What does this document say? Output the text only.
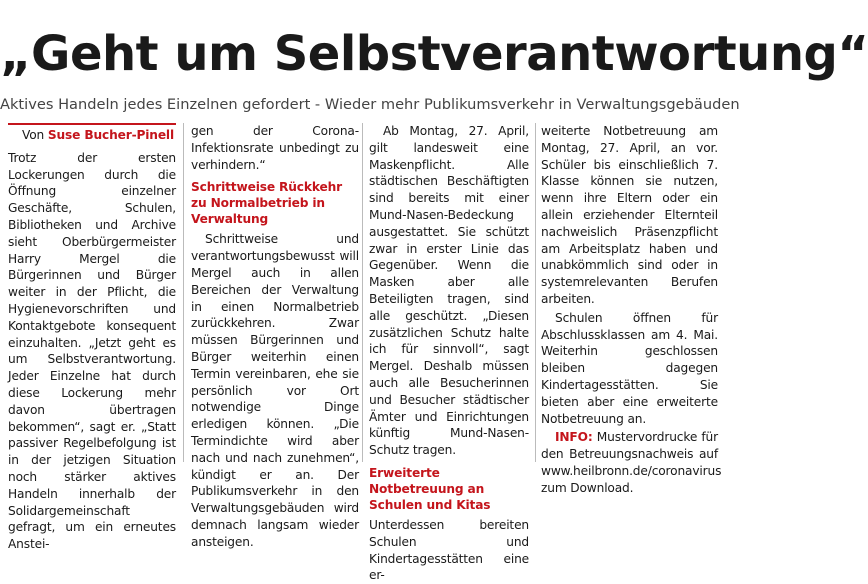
„Geht um Selbstverantwortung“
Aktives Handeln jedes Einzelnen gefordert - Wieder mehr Publikumsverkehr in Verwaltungsgebäuden
Von Suse Bucher-Pinell

Trotz der ersten Lockerungen durch die Öffnung einzelner Geschäfte, Schulen, Bibliotheken und Archive sieht Oberbürgermeister Harry Mergel die Bürgerinnen und Bürger weiter in der Pflicht, die Hygienevorschriften und Kontaktgebote konsequent einzuhalten. „Jetzt geht es um Selbstverantwortung. Jeder Einzelne hat durch diese Lockerung mehr davon übertragen bekommen“, sagt er. „Statt passiver Regelbefolgung ist in der jetzigen Situation noch stärker aktives Handeln innerhalb der Solidargemeinschaft gefragt, um ein erneutes Anstei-

gen der Corona-Infektionsrate unbedingt zu verhindern.“

Schrittweise Rückkehr zu Normalbetrieb in Verwaltung

Schrittweise und verantwortungsbewusst will Mergel auch in allen Bereichen der Verwaltung in einen Normalbetrieb zurückkehren. Zwar müssen Bürgerinnen und Bürger weiterhin einen Termin vereinbaren, ehe sie persönlich vor Ort notwendige Dinge erledigen können. „Die Termindichte wird aber nach und nach zunehmen“, kündigt er an. Der Publikumsverkehr in den Verwaltungsgebäuden wird demnach langsam wieder ansteigen.

Ab Montag, 27. April, gilt landesweit eine Maskenpflicht. Alle städtischen Beschäftigten sind bereits mit einer Mund-Nasen-Bedeckung ausgestattet. Sie schützt zwar in erster Linie das Gegenüber. Wenn die Masken aber alle Beteiligten tragen, sind alle geschützt. „Diesen zusätzlichen Schutz halte ich für sinnvoll“, sagt Mergel. Deshalb müssen auch alle Besucherinnen und Besucher städtischer Ämter und Einrichtungen künftig Mund-Nasen-Schutz tragen.

Erweiterte Notbetreuung an Schulen und Kitas

Unterdessen bereiten Schulen und Kindertagesstätten eine er-

weiterte Notbetreuung am Montag, 27. April, an vor. Schüler bis einschließlich 7. Klasse können sie nutzen, wenn ihre Eltern oder ein allein erziehender Elternteil nachweislich Präsenzpflicht am Arbeitsplatz haben und unabkömmlich sind oder in systemrelevanten Berufen arbeiten.

Schulen öffnen für Abschlussklassen am 4. Mai. Weiterhin geschlossen bleiben dagegen Kindertagesstätten. Sie bieten aber eine erweiterte Notbetreuung an.

INFO: Mustervordrucke für den Betreuungsnachweis auf www.heilbronn.de/coronavirus zum Download.
